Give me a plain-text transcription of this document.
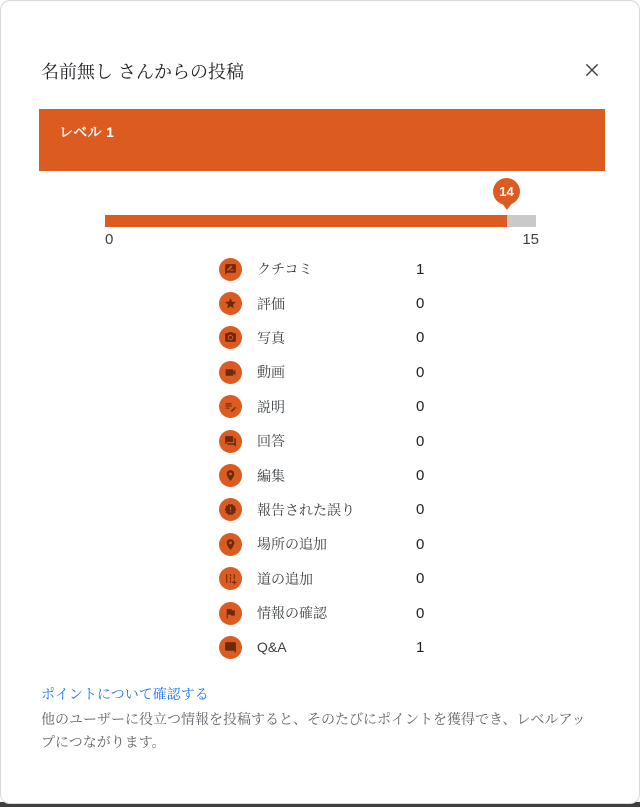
名前無し さんからの投稿
レベル 1
14
0	15
クチコミ	1
評価	0
写真	0
動画	0
説明	0
回答	0
編集	0
報告された誤り	0
場所の追加	0
道の追加	0
情報の確認	0
Q&A	1
ポイントについて確認する
他のユーザーに役立つ情報を投稿すると、そのたびにポイントを獲得でき、レベルアップにつながります。
